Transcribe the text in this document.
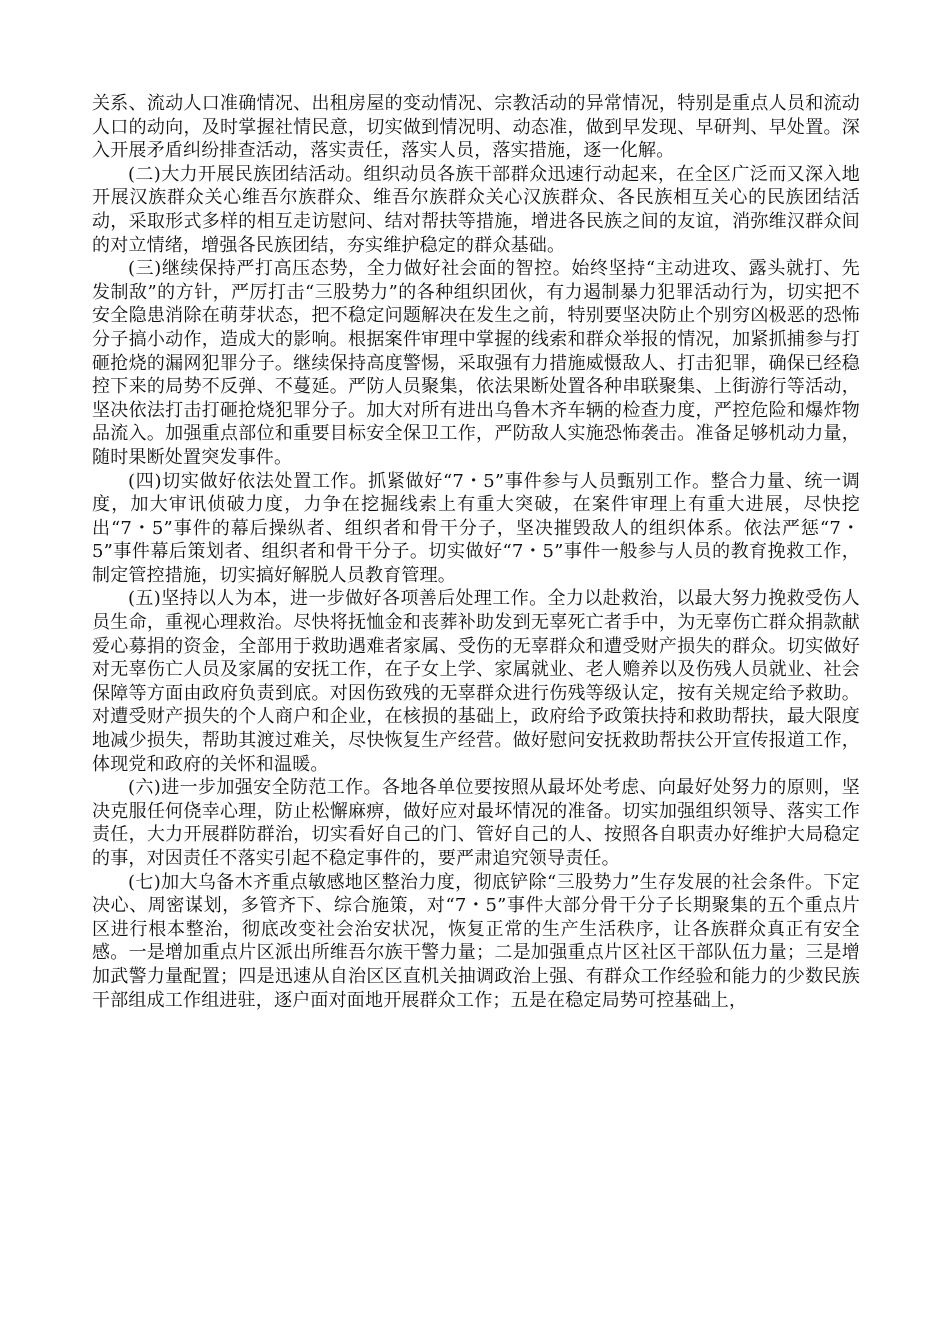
关系、流动人口准确情况、出租房屋的变动情况、宗教活动的异常情况，特别是重点人员和流动人口的动向，及时掌握社情民意，切实做到情况明、动态准，做到早发现、早研判、早处置。深入开展矛盾纠纷排查活动，落实责任，落实人员，落实措施，逐一化解。

(二)大力开展民族团结活动。组织动员各族干部群众迅速行动起来，在全区广泛而又深入地开展汉族群众关心维吾尔族群众、维吾尔族群众关心汉族群众、各民族相互关心的民族团结活动，采取形式多样的相互走访慰问、结对帮扶等措施，增进各民族之间的友谊，消弥维汉群众间的对立情绪，增强各民族团结，夯实维护稳定的群众基础。

(三)继续保持严打高压态势，全力做好社会面的智控。始终坚持“主动进攻、露头就打、先发制敌”的方针，严厉打击“三股势力”的各种组织团伙，有力遏制暴力犯罪活动行为，切实把不安全隐患消除在萌芽状态，把不稳定问题解决在发生之前，特别要坚决防止个别穷凶极恶的恐怖分子搞小动作，造成大的影响。根据案件审理中掌握的线索和群众举报的情况，加紧抓捕参与打砸抢烧的漏网犯罪分子。继续保持高度警惕，采取强有力措施威慑敌人、打击犯罪，确保已经稳控下来的局势不反弹、不蔓延。严防人员聚集，依法果断处置各种串联聚集、上街游行等活动，坚决依法打击打砸抢烧犯罪分子。加大对所有进出乌鲁木齐车辆的检查力度，严控危险和爆炸物品流入。加强重点部位和重要目标安全保卫工作，严防敌人实施恐怖袭击。准备足够机动力量，随时果断处置突发事件。

(四)切实做好依法处置工作。抓紧做好“7・5”事件参与人员甄别工作。整合力量、统一调度，加大审讯侦破力度，力争在挖掘线索上有重大突破，在案件审理上有重大进展，尽快挖出“7・5”事件的幕后操纵者、组织者和骨干分子，坚决摧毁敌人的组织体系。依法严惩“7・5”事件幕后策划者、组织者和骨干分子。切实做好“7・5”事件一般参与人员的教育挽救工作，制定管控措施，切实搞好解脱人员教育管理。

(五)坚持以人为本，进一步做好各项善后处理工作。全力以赴救治，以最大努力挽救受伤人员生命，重视心理救治。尽快将抚恤金和丧葬补助发到无辜死亡者手中，为无辜伤亡群众捐款献爱心募捐的资金，全部用于救助遇难者家属、受伤的无辜群众和遭受财产损失的群众。切实做好对无辜伤亡人员及家属的安抚工作，在子女上学、家属就业、老人赡养以及伤残人员就业、社会保障等方面由政府负责到底。对因伤致残的无辜群众进行伤残等级认定，按有关规定给予救助。对遭受财产损失的个人商户和企业，在核损的基础上，政府给予政策扶持和救助帮扶，最大限度地减少损失，帮助其渡过难关，尽快恢复生产经营。做好慰问安抚救助帮扶公开宣传报道工作，体现党和政府的关怀和温暖。

(六)进一步加强安全防范工作。各地各单位要按照从最坏处考虑、向最好处努力的原则，坚决克服任何侥幸心理，防止松懈麻痹，做好应对最坏情况的准备。切实加强组织领导、落实工作责任，大力开展群防群治，切实看好自己的门、管好自己的人、按照各自职责办好维护大局稳定的事，对因责任不落实引起不稳定事件的，要严肃追究领导责任。

(七)加大乌备木齐重点敏感地区整治力度，彻底铲除“三股势力”生存发展的社会条件。下定决心、周密谋划，多管齐下、综合施策，对“7・5”事件大部分骨干分子长期聚集的五个重点片区进行根本整治，彻底改变社会治安状况，恢复正常的生产生活秩序，让各族群众真正有安全感。一是增加重点片区派出所维吾尔族干警力量；二是加强重点片区社区干部队伍力量；三是增加武警力量配置；四是迅速从自治区区直机关抽调政治上强、有群众工作经验和能力的少数民族干部组成工作组进驻，逐户面对面地开展群众工作；五是在稳定局势可控基础上，
